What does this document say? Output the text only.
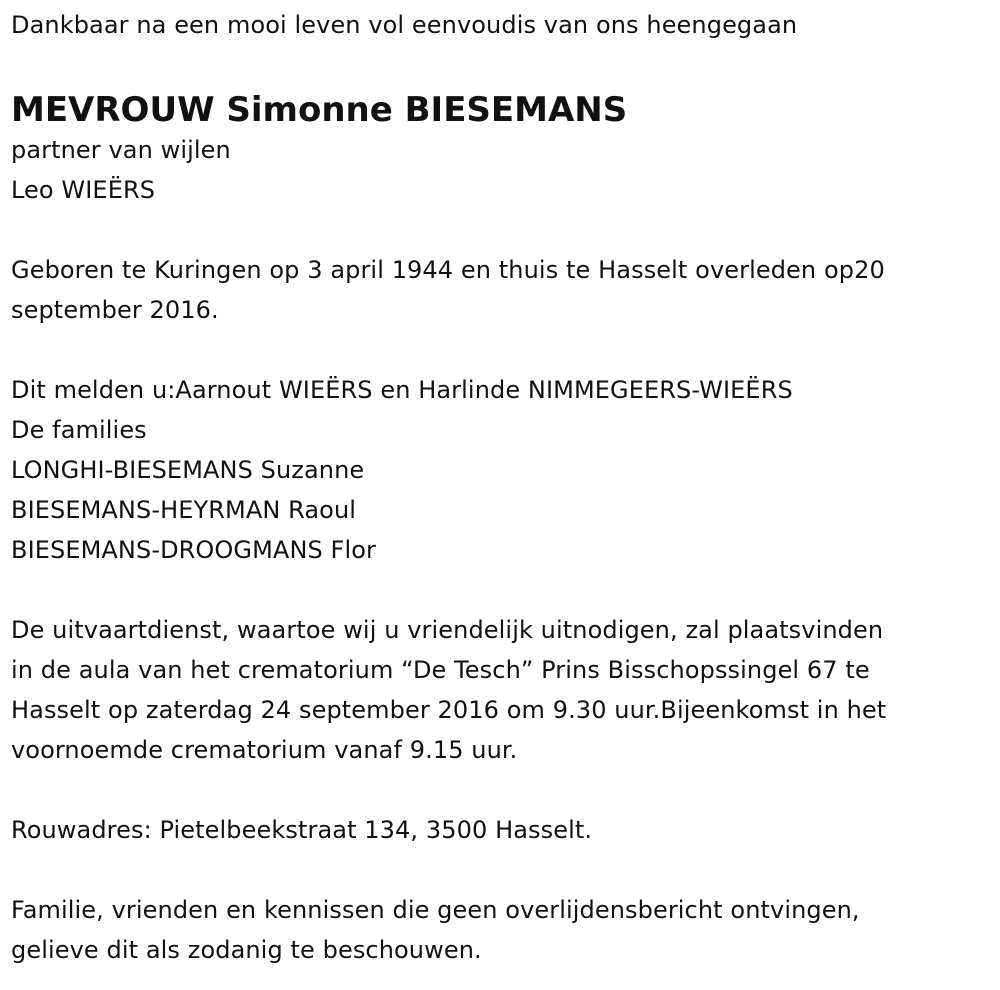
Dankbaar na een mooi leven vol eenvoudis van ons heengegaan
MEVROUW Simonne BIESEMANS
partner van wijlen
Leo WIEËRS
Geboren te Kuringen op 3 april 1944 en thuis te Hasselt overleden op20
september 2016.
Dit melden u:Aarnout WIEËRS en Harlinde NIMMEGEERS-WIEËRS
De families
LONGHI-BIESEMANS Suzanne
BIESEMANS-HEYRMAN Raoul
BIESEMANS-DROOGMANS Flor
De uitvaartdienst, waartoe wij u vriendelijk uitnodigen, zal plaatsvinden
in de aula van het crematorium “De Tesch” Prins Bisschopssingel 67 te
Hasselt op zaterdag 24 september 2016 om 9.30 uur.Bijeenkomst in het
voornoemde crematorium vanaf 9.15 uur.
Rouwadres: Pietelbeekstraat 134, 3500 Hasselt.
Familie, vrienden en kennissen die geen overlijdensbericht ontvingen,
gelieve dit als zodanig te beschouwen.
